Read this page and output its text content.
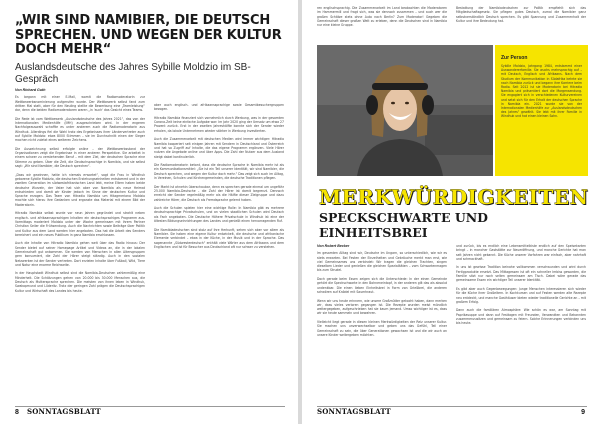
„WIR SIND NAMIBIER, DIE DEUTSCH SPRECHEN. UND WEGEN DER KULTUR DOCH MEHR“
Auslandsdeutsche des Jahres Sybille Moldzio im SB-Gespräch
Von Richard Guth

Es begann mit einer E-Mail, womit die Radiomoderatorin zur Wettbewerbsnominierung aufgerufen wurde. Der Wettbewerb selbst fand zum dritten Mal statt, aber für den Neuling stellte die Bewerbung eine „Teamleistung“ dar, denn die beiden Radiomoderatoren waren „in 'auch' das Gesicht eines Teams.

Die Rede ist vom Wettbewerb „Auslandsdeutsche des Jahres 2021“, das von der Internationalen Medienhilfe (IMH) ausgeschrieben wird. In der engeren Nachfolgeauswahl schaffte es unter anderem auch die Radiomoderatorin aus Windhuk. Allerdings fiel die Wahl trotz des Ergebnisses ihrer Ländervertreter auch auf Sybille Moldzio: etwa 8000 Stimmen – sie im Durchschnitt einen der Sieger machen nicht zuletzt eines weiteren Zeichens.

Die Auszeichnung selbst erfolgte online – der Wettbewerbsstand der Organisationen zeigt die Ergebnisse in einer anderen Perspektive. Sie arbeitet in einem schwer zu verstehenden Beruf – mit dem Ziel, der deutschen Sprache eine Stimme zu geben. Über die Zeit, die Deutschsprachige in Namibia, und sie selbst sagt: „Wir sind Namibier, die Deutsch sprechen“.

„Dass wir gewinnen, hatte ich niemals erwartet“, sagt die Frau in Windhuk geborene Sybille Moldzio, die deutschen Erziehungseinheiten entstammt und in der zweiten Generation im südwestafrikanischen Land lebt, meine Eltern haben beide deutsche Wurzeln, der Vater hat sich aber von Namibia als neue Heimat entschieden und damit wir Kinder jedoch im Sinne der deutschen Kultur und Sprache erzogen. Das Team von Hitradio Namibia um Hitagmeriano Moldzio machte sich hierzu ihre Gedanken und erganzte das Material mit einem Bild der Moderatorin.

Hitradio Namibia selbst wurde vor neun Jahren gegründet und strahlt neben englisch- und afrikaanssprachigen Inhalten ein deutschsprachiges Programm aus. Vormittags moderiert Moldzio unter der Woche gemeinsam mit ihrem Partner Christian Seiler die Frühsendung. Auch die Nachrichten sowie Beiträge über Politik und Kultur aus dem Land werden hier angeboten. Das hat die Arbeit des Senders bereichert und ein neues Publikum in ganz Namibia erschlossen.

Auch die Inhalte von Hitradio Namibia gehen weit über das Radio hinaus: Der Sender bietet auf seiner Homepage Artikel und Videos an, die in der lokalen Gemeinschaft gut ankommen. Sie werden von Menschen in allen Altersgruppen gern konsumiert, die Zahl der Hörer steigt ständig. Auch in den sozialen Netzwerken ist der Sender vertreten. Dort erzielen Inhalte über Fußball, Wild, Tiere und Natur eine enorme Reichweite.

In der Hauptstadt Windhuk selbst sind die Namibia-Deutschen zahlenmäßig eine Minderheit. Die Schätzungen gehen von 20.000 bis 30.000 Menschen aus, die Deutsch als Muttersprache sprechen. Die meisten von ihnen leben in Windhuk, Swakopmund und Lüderitz. Trotz der geringen Zahl prägen die Deutschsprachigen Kultur und Wirtschaft des Landes bis heute.

aber auch englisch- und afrikaanssprachige sowie Gesamtbesuchergruppen bezogen.

Hitradio Namibia finanziert sich vornehmlich durch Werbung, was in der gesamten Corona-Zeit keine einfache Aufgabe war: Im Jahr 2020 ging der Umsatz um etwa 27 Prozent zurück. Erst in der zweiten Jahreshälfte konnte sich der Sender wieder erholen, da lokale Unternehmen wieder stärker in Werbung investierten.

Auch die Zusammenarbeit mit deutschen Medien wird immer wichtiger: Hitradio Namibia kooperiert seit einigen Jahren mit Sendern in Deutschland und Österreich und hat so Zugriff auf Inhalte, die das eigene Programm ergänzen. Viele Hörer nutzen die Angebote online und über Apps. Die Zahl der Nutzer aus dem Ausland steigt dabei kontinuierlich.

Die Radiomoderatorin betont, dass die deutsche Sprache in Namibia mehr ist als ein Kommunikationsmittel: „Sie ist ein Teil unserer Identität, wir sind Namibier, die Deutsch sprechen, und wegen der Kultur doch mehr.“ Das zeigt sich auch im Alltag, in Vereinen, Schulen und Kirchengemeinden, die deutsche Traditionen pflegen.

Der Markt ist ohnehin überschaubar, denn es sprechen gerade einmal um ungefähr 25.000 Namibia-Deutsche – die Zahl der Hörer ist damit begrenzt. Dennoch erreicht der Sender regelmäßig mehr als die Hälfte dieser Zielgruppe und dazu zahlreiche Hörer, die Deutsch als Fremdsprache gelernt haben.

Auch die Schulen spielen hier eine wichtige Rolle: In Namibia gibt es mehrere deutschsprachige Privatschulen, und an vielen staatlichen Schulen wird Deutsch als Fach angeboten. Die Deutsche Höhere Privatschule in Windhuk ist eine der ältesten Bildungseinrichtungen des Landes und genießt einen hervorragenden Ruf.

Die Namibiadeutschen sind stolz auf ihre Herkunft, sehen sich aber vor allem als Namibier. Sie haben eine eigene Kultur entwickelt, die deutsche und afrikanische Elemente verbindet – etwa in der Küche, in der Musik und in der Sprache. Das sogenannte „Südwesterdeutsch“ enthält viele Wörter aus dem Afrikaans und dem Englischen und ist für Besucher aus Deutschland oft nur schwer zu verstehen.

8 SONNTAGSBLATT

ren englischsprachig. Die Zusammenarbeit im Land beobachten die Moderatoren im Hammermill und fragt sich, was sie dennoch zusammen – und auch wer die großen Schätze stets ohne Auto nach Berlin? Zum Moderator! Gegeben die Gemeinschaft dieser großen Welt zu erleben, denn die Deutschen sind in Namibia nur eine kleine Gruppe.

Bestattung der Namibiadeutschen zur Politik empfiehlt sich das Mitgliedschaftsgesetz. Sie pflegen gutes Deutsch, zumal die Namibier ganz selbstverständlich Deutsch sprechen. Es gibt Spannung und Zusammenhalt der Kultur und ihre Bedeutung hat.

Zur Person
Sybille Moldzio, Jahrgang 1984, entstammt einer Auswandererfamilie. Sie wuchs mehrsprachig auf – mit Deutsch, Englisch und Afrikaans. Nach dem Studium der Kommunikation in Südafrika kehrte sie nach Namibia zurück und begann ihre Karriere beim Radio. Seit 2012 ist sie Moderatorin bei Hitradio Namibia und präsentiert dort die Morgensendung. Sie engagiert sich in verschiedenen Kulturvereinen und setzt sich für den Erhalt der deutschen Sprache in Namibia ein. 2021 wurde sie von der Internationalen Medienhilfe zur „Auslandsdeutschen des Jahres“ gewählt. Sie lebt mit ihrer Familie in Windhuk und hat einen kleinen Sohn.
MERKWÜRDIGKEITEN
SPECKSCHWARTE UND EINHEITSBREI
Von Robert Becker

Im gesamten Alltag sind wir, Deutsche im Ungarn, so unterschiedlich, wie wir es stets erwarten. Bei Festen der Einzelheiten und Gebräuche merkt man erst, wie viel Gemeinsames uns verbindet: Wir tragen die gleichen Trachten, singen dieselben Lieder und genießen die gleichen Spezialitäten – vom Schwartenmagen bis zum Strudel.

Doch gerade beim Essen zeigen sich die Unterschiede: In der einen Gemeinde gehört die Speckschwarte in den Bohneneintopf, in der anderen gilt das als absolut undenkbar. Die einen lieben Einheitsbrei in Form von Grießbrei, die anderen schwören auf Knödel mit Sauerkraut.

Wenn wir uns heute erinnern, wie unsere Großmütter gekocht haben, dann merken wir, dass vieles verloren gegangen ist. Die Rezepte wurden meist mündlich weitergegeben, aufgeschrieben hat sie kaum jemand. Umso wichtiger ist es, dass wir sie heute sammeln und bewahren.

Vielleicht liegt gerade in diesen kleinen Merkwürdigkeiten der Reiz unserer Kultur. Sie machen uns unverwechselbar und geben uns das Gefühl, Teil einer Gemeinschaft zu sein, die über Generationen gewachsen ist und die wir auch an unsere Kinder weitergeben möchten.

und zurück, bis es endlich eine Lebensmittelkiste endlich auf den Speisekarten bringt – in mancher Gaststätte zur Neueröffnung, und manche Gerichte hat man seit Jahren nicht gekannt. Die Küche unserer Vorfahren war einfach, aber nahrhaft und schmackhaft.

In uns ist gewisse Tradition beinahe vollkommen verschwunden und wird durch Fertigprodukte ersetzt. Das Mittagessen ist oft ein schneller Imbiss geworden, die Familie sitzt nur noch selten gemeinsam am Tisch. Dabei wäre gerade das gemeinsame Essen ein wichtiger Teil unserer Identität.

Es gibt aber auch Gegenbewegungen: Junge Menschen interessieren sich wieder für die Küche ihrer Großeltern. In Kochkursen und auf Festen werden alte Rezepte neu entdeckt, und manche Gasthäuser bieten wieder traditionelle Gerichte an – mit großem Erfolg.

Dann auch die familiären Atmosphäre: Wie schön es war, am Sonntag mit Paprikasuppe und dann auf Festtagen mit Freunden, Verwandten und Bekannten zusammenzusitzen und gemeinsam zu feiern. Solche Erinnerungen verbinden uns bis heute.

SONNTAGSBLATT	9
